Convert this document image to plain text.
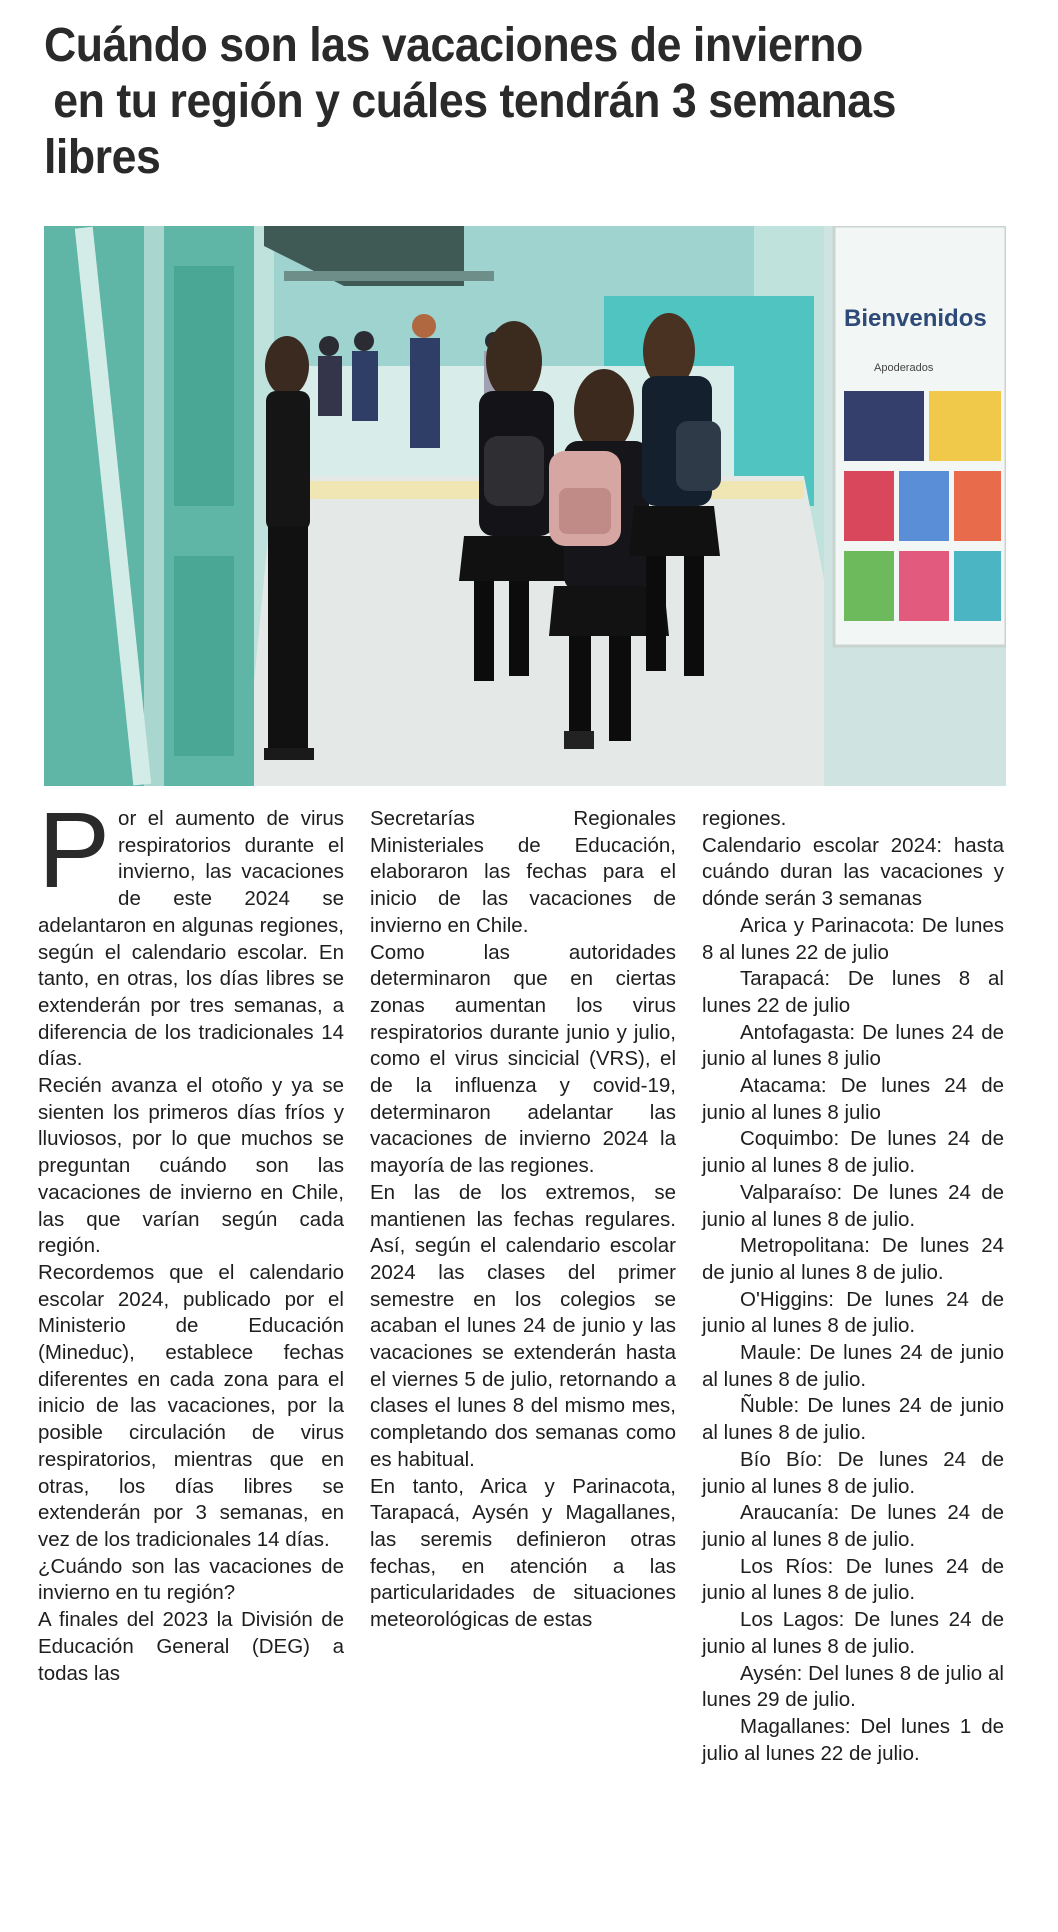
Cuándo son las vacaciones de invierno
en tu región y cuáles tendrán 3 semanas
libres
Bienvenidos
Apoderados

Por el aumento de virus respiratorios durante el invierno, las vacaciones de este 2024 se adelantaron en algunas regiones, según el calendario escolar. En tanto, en otras, los días libres se extenderán por tres semanas, a diferencia de los tradicionales 14 días.

Recién avanza el otoño y ya se sienten los primeros días fríos y lluviosos, por lo que muchos se preguntan cuándo son las vacaciones de invierno en Chile, las que varían según cada región.

Recordemos que el calendario escolar 2024, publicado por el Ministerio de Educación (Mineduc), establece fechas diferentes en cada zona para el inicio de las vacaciones, por la posible circulación de virus respiratorios, mientras que en otras, los días libres se extenderán por 3 semanas, en vez de los tradicionales 14 días.

¿Cuándo son las vacaciones de invierno en tu región?

A finales del 2023 la División de Educación General (DEG) a todas las

Secretarías Regionales Ministeriales de Educación, elaboraron las fechas para el inicio de las vacaciones de invierno en Chile.

Como las autoridades determinaron que en ciertas zonas aumentan los virus respiratorios durante junio y julio, como el virus sincicial (VRS), el de la influenza y covid-19, determinaron adelantar las vacaciones de invierno 2024 la mayoría de las regiones.

En las de los extremos, se mantienen las fechas regulares. Así, según el calendario escolar 2024 las clases del primer semestre en los colegios se acaban el lunes 24 de junio y las vacaciones se extenderán hasta el viernes 5 de julio, retornando a clases el lunes 8 del mismo mes, completando dos semanas como es habitual.

En tanto, Arica y Parinacota, Tarapacá, Aysén y Magallanes, las seremis definieron otras fechas, en atención a las particularidades de situaciones meteorológicas de estas

regiones.

Calendario escolar 2024: hasta cuándo duran las vacaciones y dónde serán 3 semanas

Arica y Parinacota: De lunes 8 al lunes 22 de julio

Tarapacá: De lunes 8 al lunes 22 de julio

Antofagasta: De lunes 24 de junio al lunes 8 julio

Atacama: De lunes 24 de junio al lunes 8 julio

Coquimbo: De lunes 24 de junio al lunes 8 de julio.

Valparaíso: De lunes 24 de junio al lunes 8 de julio.

Metropolitana: De lunes 24 de junio al lunes 8 de julio.

O'Higgins: De lunes 24 de junio al lunes 8 de julio.

Maule: De lunes 24 de junio al lunes 8 de julio.

Ñuble: De lunes 24 de junio al lunes 8 de julio.

Bío Bío: De lunes 24 de junio al lunes 8 de julio.

Araucanía: De lunes 24 de junio al lunes 8 de julio.

Los Ríos: De lunes 24 de junio al lunes 8 de julio.

Los Lagos: De lunes 24 de junio al lunes 8 de julio.

Aysén: Del lunes 8 de julio al lunes 29 de julio.

Magallanes: Del lunes 1 de julio al lunes 22 de julio.
